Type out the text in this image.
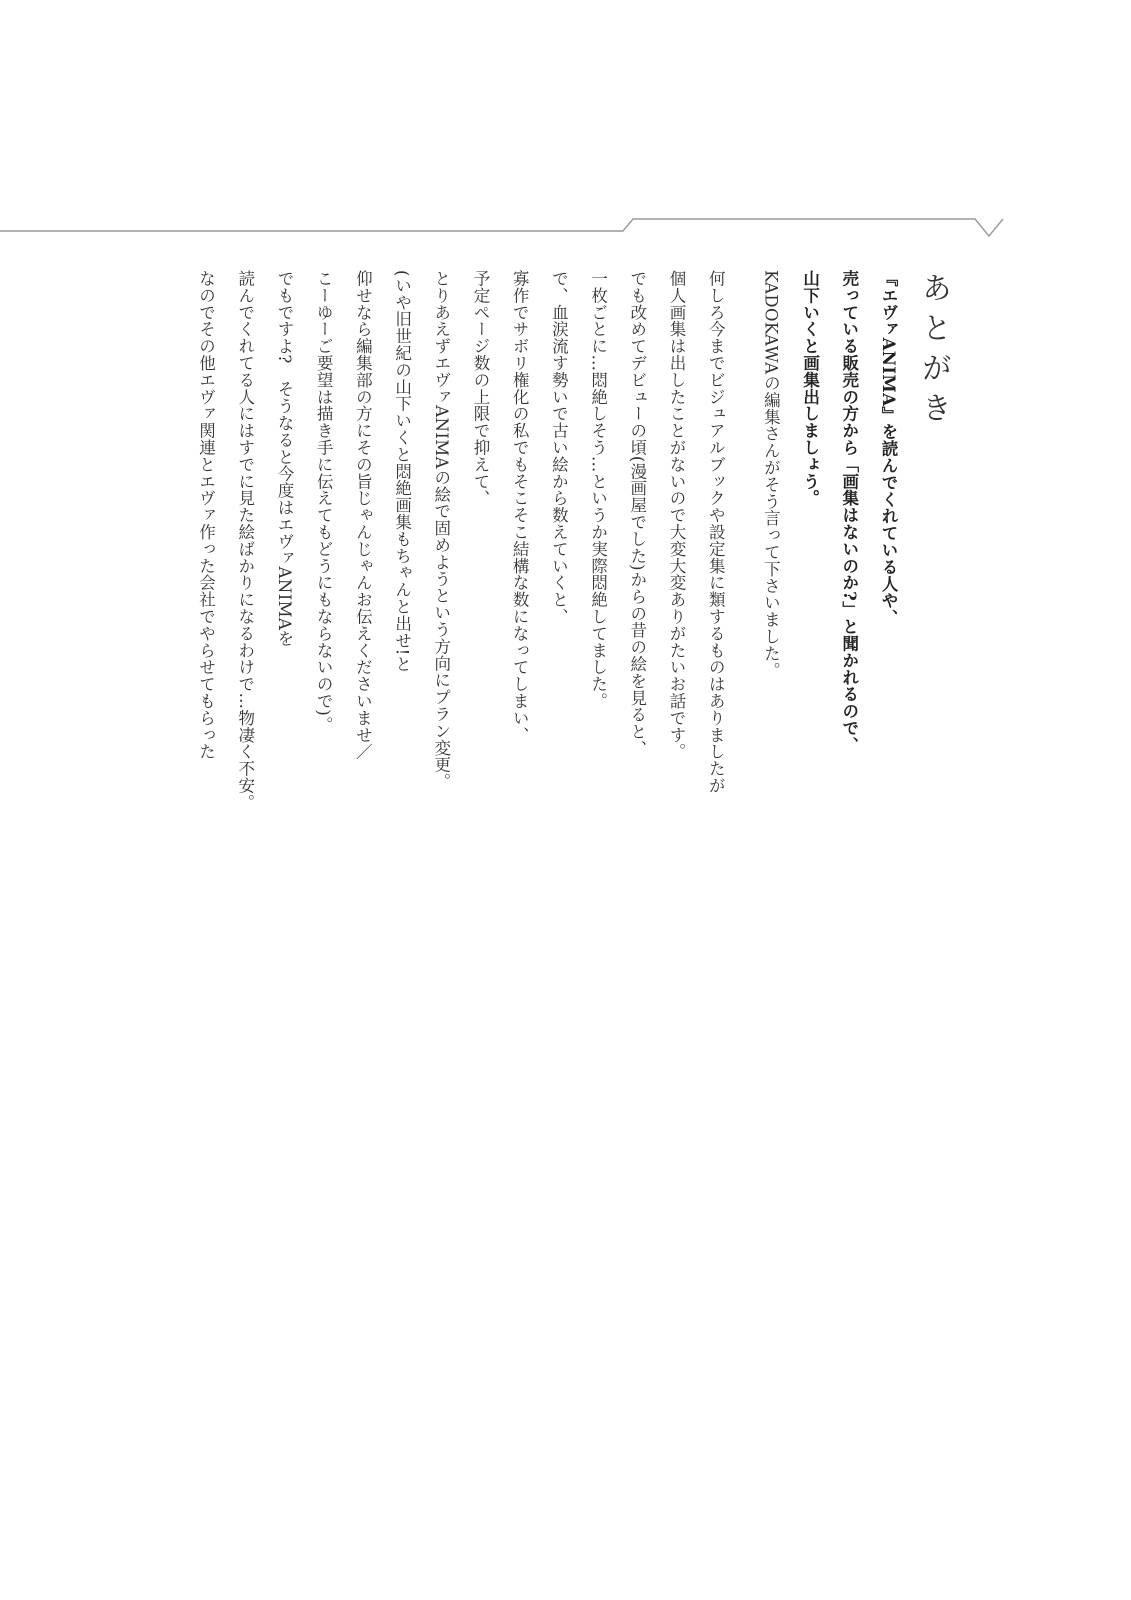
あとがき
『エヴァANIMA』を読んでくれている人や、
売っている販売の方から「画集はないのか?」と聞かれるので、
山下いくと画集出しましょう。
KADOKAWAの編集さんがそう言って下さいました。
何しろ今までビジュアルブックや設定集に類するものはありましたが
個人画集は出したことがないので大変大変ありがたいお話です。
でも改めてデビューの頃(漫画屋でした)からの昔の絵を見ると、
一枚ごとに…悶絶しそう…というか実際悶絶してました。
で、血涙流す勢いで古い絵から数えていくと、
寡作でサボリ権化の私でもそこそこ結構な数になってしまい、
予定ページ数の上限で抑えて、
とりあえずエヴァANIMAの絵で固めようという方向にプラン変更。
(いや旧世紀の山下いくと悶絶画集もちゃんと出せ!と
仰せなら編集部の方にその旨じゃんじゃんお伝えくださいませ／
こーゆーご要望は描き手に伝えてもどうにもならないので)。
でもですよ?　そうなると今度はエヴァANIMAを
読んでくれてる人にはすでに見た絵ばかりになるわけで…物凄く不安。
なのでその他エヴァ関連とエヴァ作った会社でやらせてもらった
